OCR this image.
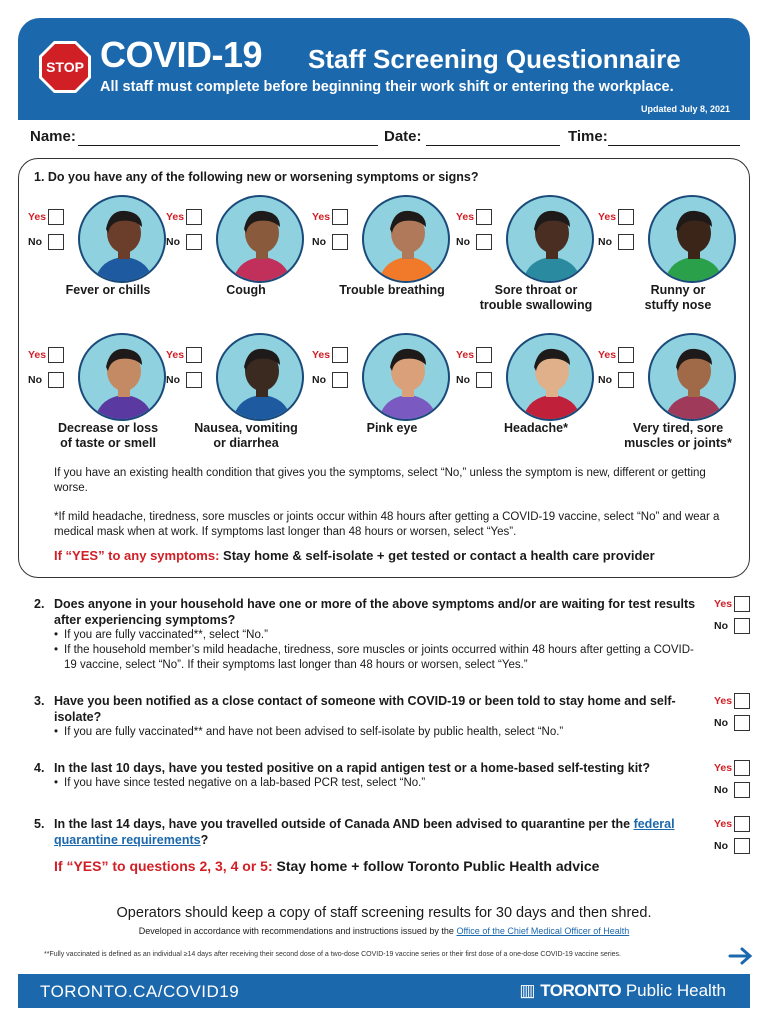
STOP COVID-19 Staff Screening Questionnaire
All staff must complete before beginning their work shift or entering the workplace.
Updated July 8, 2021
Name:	Date:	Time:
1. Do you have any of the following new or worsening symptoms or signs?
Yes
No
Fever or chills
Yes
No
Cough
Yes
No
Trouble breathing
Yes
No
Sore throat or
trouble swallowing
Yes
No
Runny or
stuffy nose
Yes
No
Decrease or loss
of taste or smell
Yes
No
Nausea, vomiting
or diarrhea
Yes
No
Pink eye
Yes
No
Headache*
Yes
No
Very tired, sore
muscles or joints*
If you have an existing health condition that gives you the symptoms, select “No,” unless the symptom is new, different or getting worse.
*If mild headache, tiredness, sore muscles or joints occur within 48 hours after getting a COVID-19 vaccine, select “No” and wear a medical mask when at work. If symptoms last longer than 48 hours or worsen, select “Yes”.
If “YES” to any symptoms: Stay home & self-isolate + get tested or contact a health care provider
2. Does anyone in your household have one or more of the above symptoms and/or are waiting for test results after experiencing symptoms?
• If you are fully vaccinated**, select “No.”
• If the household member’s mild headache, tiredness, sore muscles or joints occurred within 48 hours after getting a COVID-19 vaccine, select “No”. If their symptoms last longer than 48 hours or worsen, select “Yes.”
3. Have you been notified as a close contact of someone with COVID-19 or been told to stay home and self-isolate?
• If you are fully vaccinated** and have not been advised to self-isolate by public health, select “No.”
4. In the last 10 days, have you tested positive on a rapid antigen test or a home-based self-testing kit?
• If you have since tested negative on a lab-based PCR test, select “No.”
5. In the last 14 days, have you travelled outside of Canada AND been advised to quarantine per the federal quarantine requirements?
Yes
No
Yes
No
Yes
No
Yes
No
If “YES” to questions 2, 3, 4 or 5: Stay home + follow Toronto Public Health advice
Operators should keep a copy of staff screening results for 30 days and then shred.
Developed in accordance with recommendations and instructions issued by the Office of the Chief Medical Officer of Health
**Fully vaccinated is defined as an individual ≥14 days after receiving their second dose of a two-dose COVID-19 vaccine series or their first dose of a one-dose COVID-19 vaccine series.
TORONTO.CA/COVID19	▥ TORONTO Public Health
